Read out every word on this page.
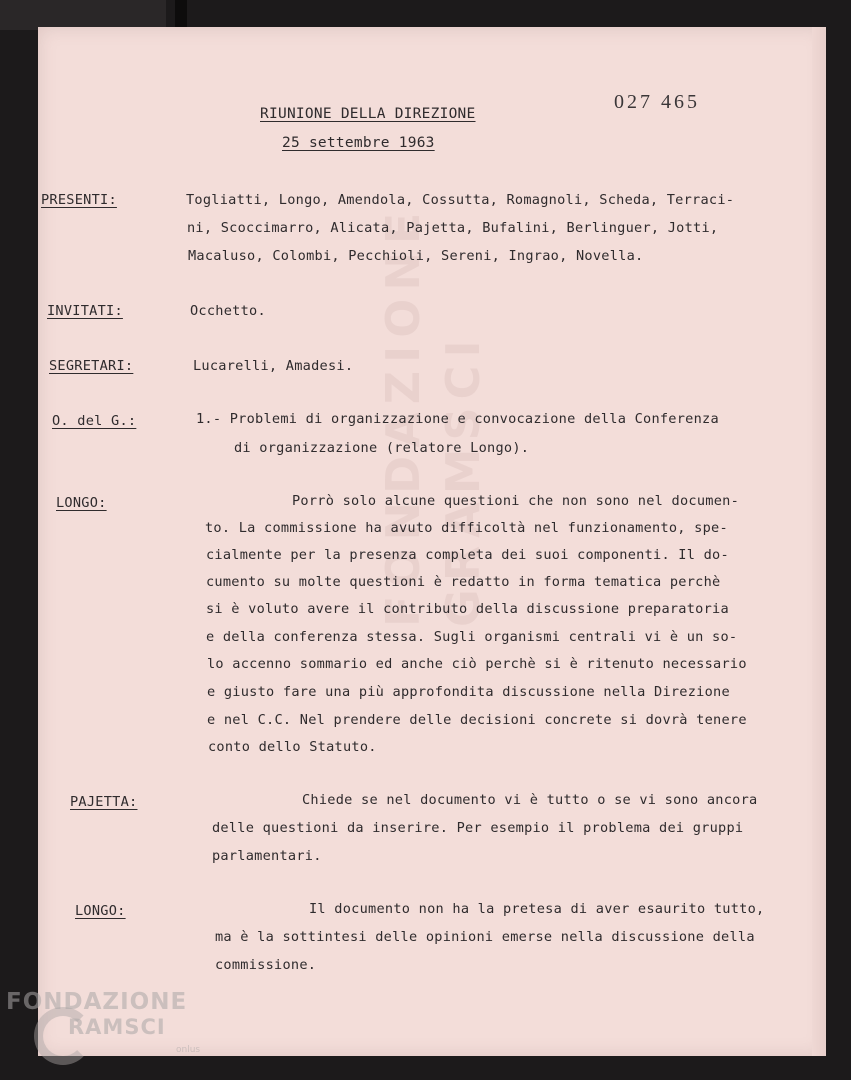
FONDAZIONE GRAMSCI
027 465
RIUNIONE DELLA DIREZIONE
25 settembre 1963
PRESENTI:	Togliatti, Longo, Amendola, Cossutta, Romagnoli, Scheda, Terraci-
ni, Scoccimarro, Alicata, Pajetta, Bufalini, Berlinguer, Jotti,
Macaluso, Colombi, Pecchioli, Sereni, Ingrao, Novella.
INVITATI:	Occhetto.
SEGRETARI:	Lucarelli, Amadesi.
O. del G.:	1.- Problemi di organizzazione e convocazione della Conferenza
di organizzazione (relatore Longo).
LONGO:	Porrò solo alcune questioni che non sono nel documen-
to. La commissione ha avuto difficoltà nel funzionamento, spe-
cialmente per la presenza completa dei suoi componenti. Il do-
cumento su molte questioni è redatto in forma tematica perchè
si è voluto avere il contributo della discussione preparatoria
e della conferenza stessa. Sugli organismi centrali vi è un so-
lo accenno sommario ed anche ciò perchè si è ritenuto necessario
e giusto fare una più approfondita discussione nella Direzione
e nel C.C. Nel prendere delle decisioni concrete si dovrà tenere
conto dello Statuto.
PAJETTA:	Chiede se nel documento vi è tutto o se vi sono ancora
delle questioni da inserire. Per esempio il problema dei gruppi
parlamentari.
LONGO:	Il documento non ha la pretesa di aver esaurito tutto,
ma è la sottintesi delle opinioni emerse nella discussione della
commissione.
FONDAZIONE
RAMSCI
onlus
